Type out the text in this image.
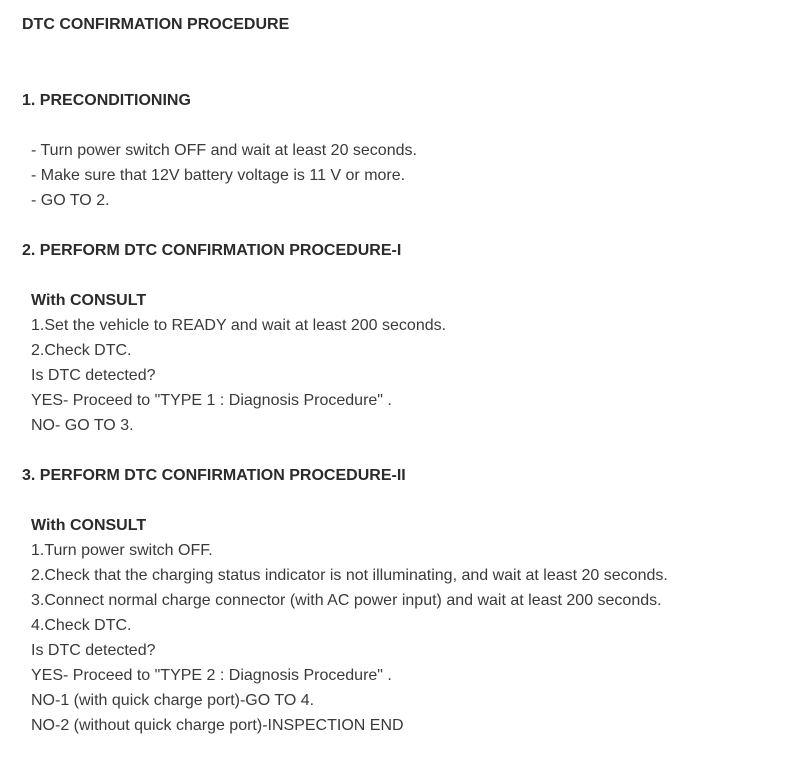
DTC CONFIRMATION PROCEDURE
1. PRECONDITIONING
- Turn power switch OFF and wait at least 20 seconds.
- Make sure that 12V battery voltage is 11 V or more.
- GO TO 2.
2. PERFORM DTC CONFIRMATION PROCEDURE-I
With CONSULT
1.Set the vehicle to READY and wait at least 200 seconds.
2.Check DTC.
Is DTC detected?
YES- Proceed to "TYPE 1 : Diagnosis Procedure" .
NO- GO TO 3.
3. PERFORM DTC CONFIRMATION PROCEDURE-II
With CONSULT
1.Turn power switch OFF.
2.Check that the charging status indicator is not illuminating, and wait at least 20 seconds.
3.Connect normal charge connector (with AC power input) and wait at least 200 seconds.
4.Check DTC.
Is DTC detected?
YES- Proceed to "TYPE 2 : Diagnosis Procedure" .
NO-1 (with quick charge port)-GO TO 4.
NO-2 (without quick charge port)-INSPECTION END
